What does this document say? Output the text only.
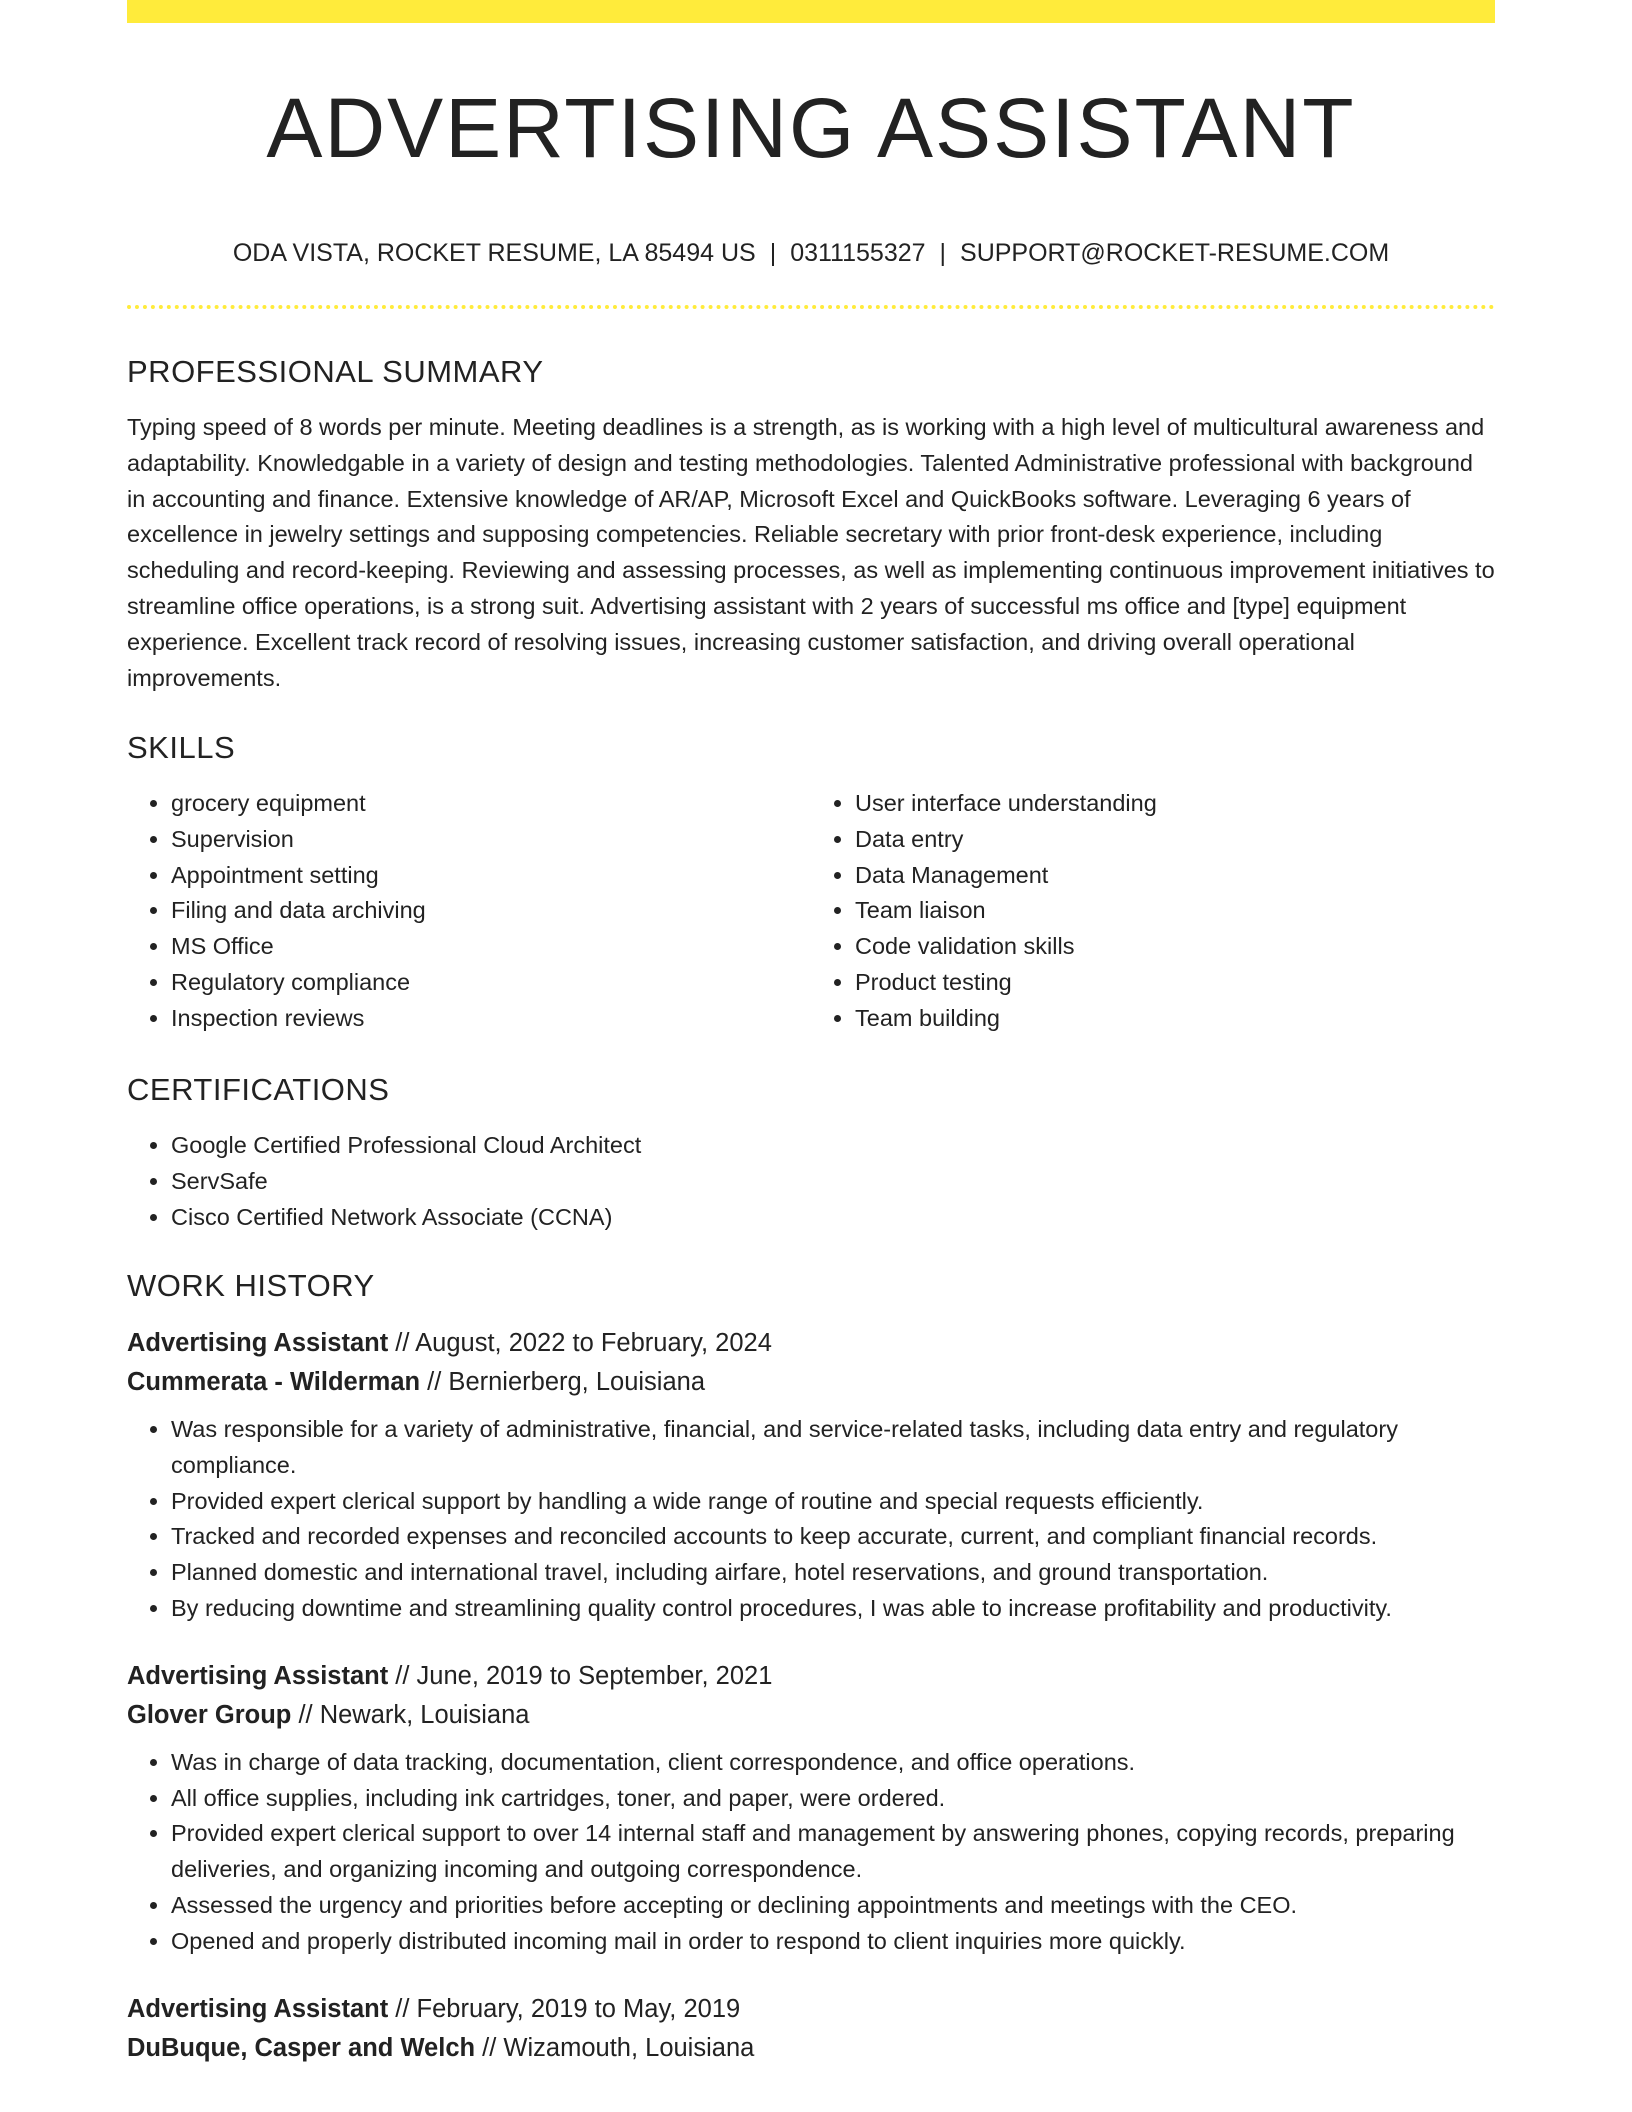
ADVERTISING ASSISTANT
ODA VISTA, ROCKET RESUME, LA 85494 US | 0311155327 | SUPPORT@ROCKET-RESUME.COM
PROFESSIONAL SUMMARY

Typing speed of 8 words per minute. Meeting deadlines is a strength, as is working with a high level of multicultural awareness and adaptability. Knowledgable in a variety of design and testing methodologies. Talented Administrative professional with background in accounting and finance. Extensive knowledge of AR/AP, Microsoft Excel and QuickBooks software. Leveraging 6 years of excellence in jewelry settings and supposing competencies. Reliable secretary with prior front-desk experience, including scheduling and record-keeping. Reviewing and assessing processes, as well as implementing continuous improvement initiatives to streamline office operations, is a strong suit. Advertising assistant with 2 years of successful ms office and [type] equipment experience. Excellent track record of resolving issues, increasing customer satisfaction, and driving overall operational improvements.

SKILLS
• grocery equipment
• Supervision
• Appointment setting
• Filing and data archiving
• MS Office
• Regulatory compliance
• Inspection reviews
• User interface understanding
• Data entry
• Data Management
• Team liaison
• Code validation skills
• Product testing
• Team building
CERTIFICATIONS
• Google Certified Professional Cloud Architect
• ServSafe
• Cisco Certified Network Associate (CCNA)
WORK HISTORY
Advertising Assistant // August, 2022 to February, 2024
Cummerata - Wilderman // Bernierberg, Louisiana
• Was responsible for a variety of administrative, financial, and service-related tasks, including data entry and regulatory compliance.
• Provided expert clerical support by handling a wide range of routine and special requests efficiently.
• Tracked and recorded expenses and reconciled accounts to keep accurate, current, and compliant financial records.
• Planned domestic and international travel, including airfare, hotel reservations, and ground transportation.
• By reducing downtime and streamlining quality control procedures, I was able to increase profitability and productivity.
Advertising Assistant // June, 2019 to September, 2021
Glover Group // Newark, Louisiana
• Was in charge of data tracking, documentation, client correspondence, and office operations.
• All office supplies, including ink cartridges, toner, and paper, were ordered.
• Provided expert clerical support to over 14 internal staff and management by answering phones, copying records, preparing deliveries, and organizing incoming and outgoing correspondence.
• Assessed the urgency and priorities before accepting or declining appointments and meetings with the CEO.
• Opened and properly distributed incoming mail in order to respond to client inquiries more quickly.
Advertising Assistant // February, 2019 to May, 2019
DuBuque, Casper and Welch // Wizamouth, Louisiana
